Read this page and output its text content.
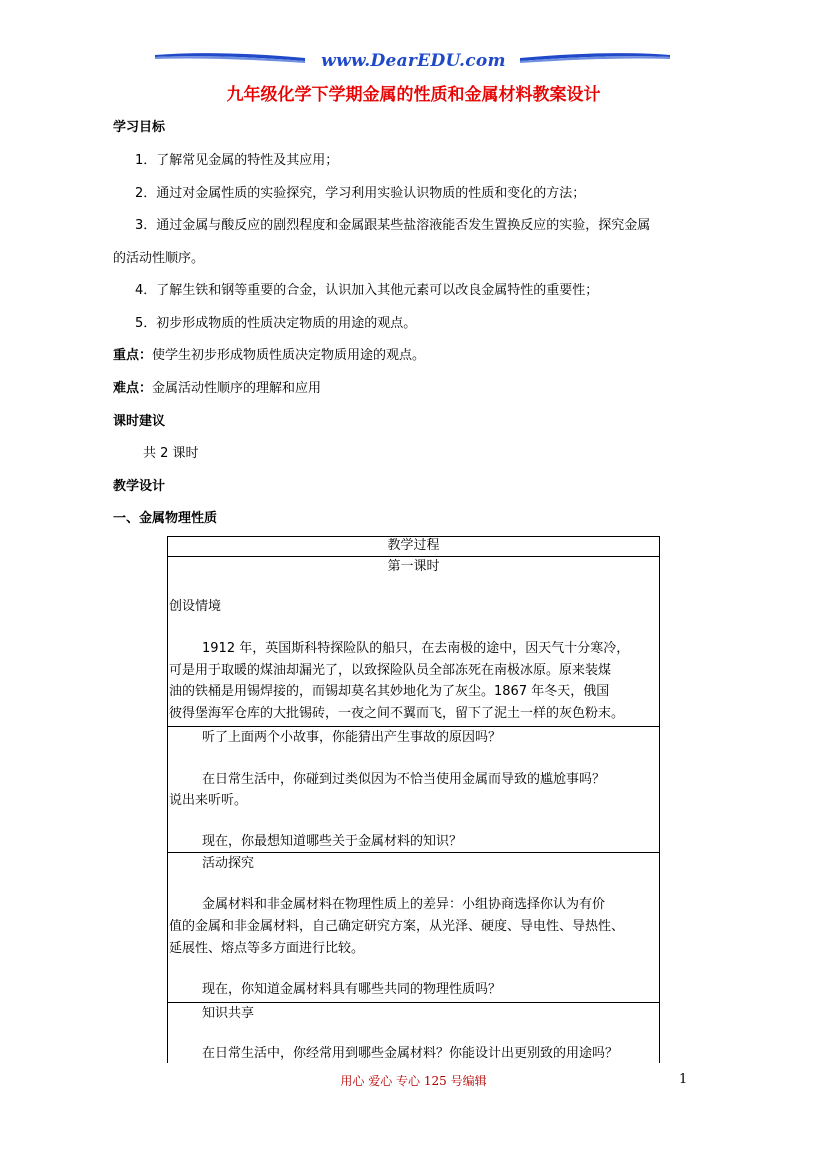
www.DearEDU.com
九年级化学下学期金属的性质和金属材料教案设计
学习目标
1．了解常见金属的特性及其应用；
2．通过对金属性质的实验探究，学习利用实验认识物质的性质和变化的方法；
3．通过金属与酸反应的剧烈程度和金属跟某些盐溶液能否发生置换反应的实验，探究金属
的活动性顺序。
4．了解生铁和钢等重要的合金，认识加入其他元素可以改良金属特性的重要性；
5．初步形成物质的性质决定物质的用途的观点。
重点：使学生初步形成物质性质决定物质用途的观点。
难点：金属活动性顺序的理解和应用
课时建议
共 2 课时
教学设计
一、金属物理性质
教学过程

第一课时
创设情境
1912 年，英国斯科特探险队的船只，在去南极的途中，因天气十分寒冷，
可是用于取暖的煤油却漏光了，以致探险队员全部冻死在南极冰原。原来装煤
油的铁桶是用锡焊接的，而锡却莫名其妙地化为了灰尘。1867 年冬天，俄国
彼得堡海军仓库的大批锡砖，一夜之间不翼而飞，留下了泥土一样的灰色粉末。

听了上面两个小故事，你能猜出产生事故的原因吗？
在日常生活中，你碰到过类似因为不恰当使用金属而导致的尴尬事吗？
说出来听听。
现在，你最想知道哪些关于金属材料的知识？

活动探究
金属材料和非金属材料在物理性质上的差异：小组协商选择你认为有价
值的金属和非金属材料，自己确定研究方案，从光泽、硬度、导电性、导热性、
延展性、熔点等多方面进行比较。
现在，你知道金属材料具有哪些共同的物理性质吗？

知识共享
在日常生活中，你经常用到哪些金属材料？你能设计出更别致的用途吗？
用心 爱心 专心 125 号编辑	1
